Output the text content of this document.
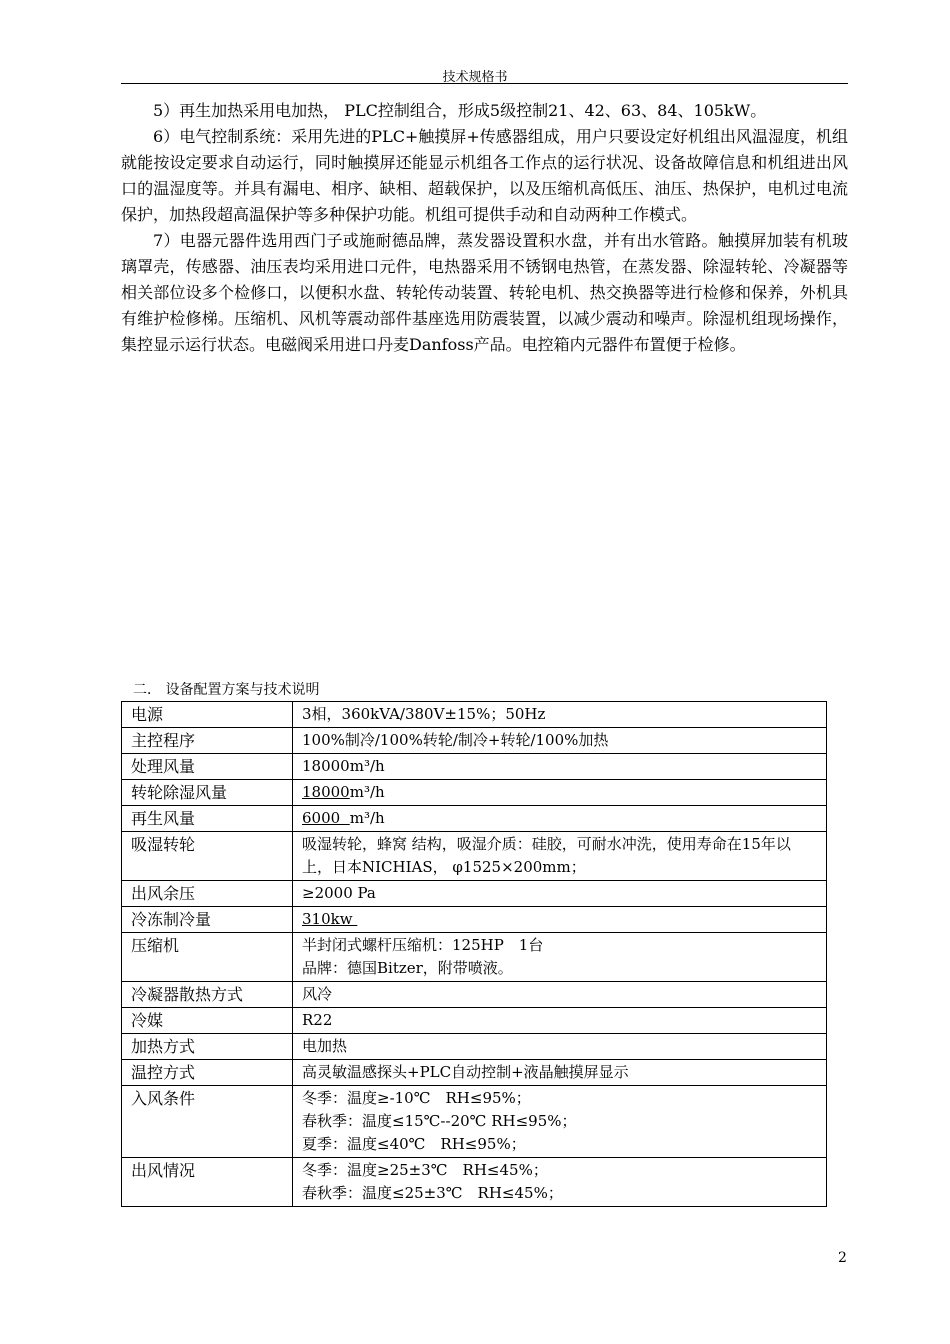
技术规格书

5）再生加热采用电加热， PLC控制组合，形成5级控制21、42、63、84、105kW。

6）电气控制系统：采用先进的PLC+触摸屏+传感器组成，用户只要设定好机组出风温湿度，机组就能按设定要求自动运行，同时触摸屏还能显示机组各工作点的运行状况、设备故障信息和机组进出风口的温湿度等。并具有漏电、相序、缺相、超载保护，以及压缩机高低压、油压、热保护，电机过电流保护，加热段超高温保护等多种保护功能。机组可提供手动和自动两种工作模式。

7）电器元器件选用西门子或施耐德品牌，蒸发器设置积水盘，并有出水管路。触摸屏加装有机玻璃罩壳，传感器、油压表均采用进口元件，电热器采用不锈钢电热管，在蒸发器、除湿转轮、冷凝器等相关部位设多个检修口，以便积水盘、转轮传动装置、转轮电机、热交换器等进行检修和保养，外机具有维护检修梯。压缩机、风机等震动部件基座选用防震装置，以减少震动和噪声。除湿机组现场操作，集控显示运行状态。电磁阀采用进口丹麦Danfoss产品。电控箱内元器件布置便于检修。

二． 设备配置方案与技术说明
电源	3相，360kVA/380V±15%；50Hz
主控程序	100%制冷/100%转轮/制冷+转轮/100%加热
处理风量	18000m³/h
转轮除湿风量	18000m³/h
再生风量	6000  m³/h
吸湿转轮	吸湿转轮，蜂窝 结构，吸湿介质：硅胶，可耐水冲洗，使用寿命在15年以上，日本NICHIAS， φ1525×200mm；
出风余压	≥2000 Pa
冷冻制冷量	310kw
压缩机	半封闭式螺杆压缩机：125HP　1台
品牌：德国Bitzer，附带喷液。

冷凝器散热方式	风冷
冷媒	R22
加热方式	电加热
温控方式	高灵敏温感探头+PLC自动控制+液晶触摸屏显示
入风条件	冬季：温度≥-10℃　RH≤95%；
春秋季：温度≤15℃--20℃ RH≤95%；
夏季：温度≤40℃　RH≤95%；

出风情况	冬季：温度≥25±3℃　RH≤45%；
春秋季：温度≤25±3℃　RH≤45%；
2
